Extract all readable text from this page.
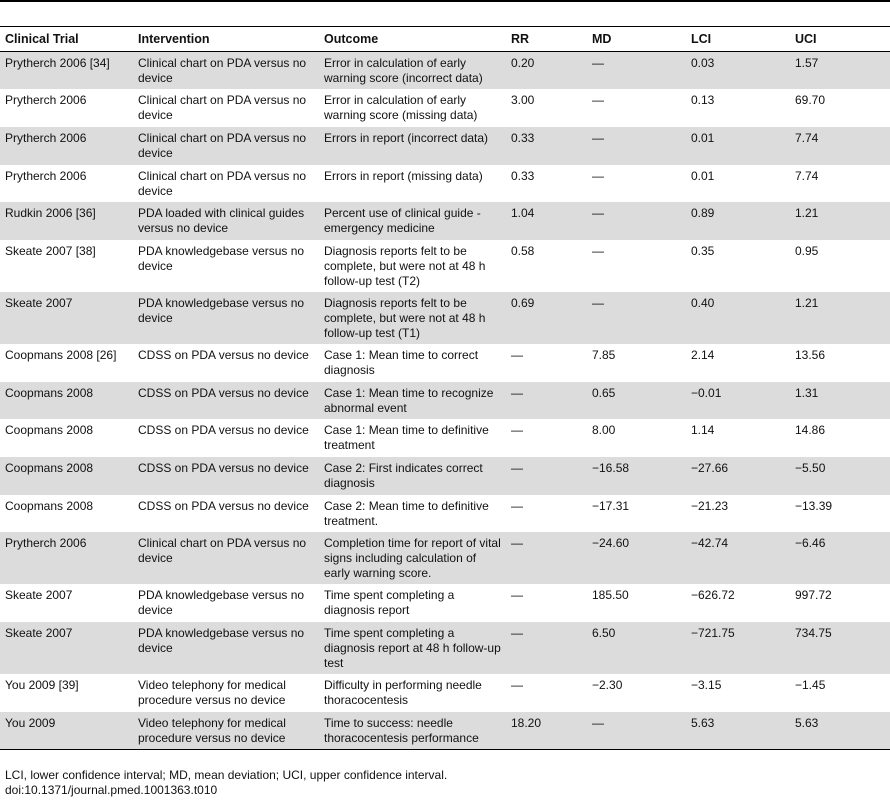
Clinical Trial	Intervention	Outcome	RR	MD	LCI	UCI
Prytherch 2006 [34]	Clinical chart on PDA versus no device	Error in calculation of early warning score (incorrect data)	0.20	—	0.03	1.57
Prytherch 2006	Clinical chart on PDA versus no device	Error in calculation of early warning score (missing data)	3.00	—	0.13	69.70
Prytherch 2006	Clinical chart on PDA versus no device	Errors in report (incorrect data)	0.33	—	0.01	7.74
Prytherch 2006	Clinical chart on PDA versus no device	Errors in report (missing data)	0.33	—	0.01	7.74
Rudkin 2006 [36]	PDA loaded with clinical guides versus no device	Percent use of clinical guide - emergency medicine	1.04	—	0.89	1.21
Skeate 2007 [38]	PDA knowledgebase versus no device	Diagnosis reports felt to be complete, but were not at 48 h follow-up test (T2)	0.58	—	0.35	0.95
Skeate 2007	PDA knowledgebase versus no device	Diagnosis reports felt to be complete, but were not at 48 h follow-up test (T1)	0.69	—	0.40	1.21
Coopmans 2008 [26]	CDSS on PDA versus no device	Case 1: Mean time to correct diagnosis	—	7.85	2.14	13.56
Coopmans 2008	CDSS on PDA versus no device	Case 1: Mean time to recognize abnormal event	—	0.65	−0.01	1.31
Coopmans 2008	CDSS on PDA versus no device	Case 1: Mean time to definitive treatment	—	8.00	1.14	14.86
Coopmans 2008	CDSS on PDA versus no device	Case 2: First indicates correct diagnosis	—	−16.58	−27.66	−5.50
Coopmans 2008	CDSS on PDA versus no device	Case 2: Mean time to definitive treatment.	—	−17.31	−21.23	−13.39
Prytherch 2006	Clinical chart on PDA versus no device	Completion time for report of vital signs including calculation of early warning score.	—	−24.60	−42.74	−6.46
Skeate 2007	PDA knowledgebase versus no device	Time spent completing a diagnosis report	—	185.50	−626.72	997.72
Skeate 2007	PDA knowledgebase versus no device	Time spent completing a diagnosis report at 48 h follow-up test	—	6.50	−721.75	734.75
You 2009 [39]	Video telephony for medical procedure versus no device	Difficulty in performing needle thoracocentesis	—	−2.30	−3.15	−1.45
You 2009	Video telephony for medical procedure versus no device	Time to success: needle thoracocentesis performance	18.20	—	5.63	5.63
LCI, lower confidence interval; MD, mean deviation; UCI, upper confidence interval.
doi:10.1371/journal.pmed.1001363.t010
